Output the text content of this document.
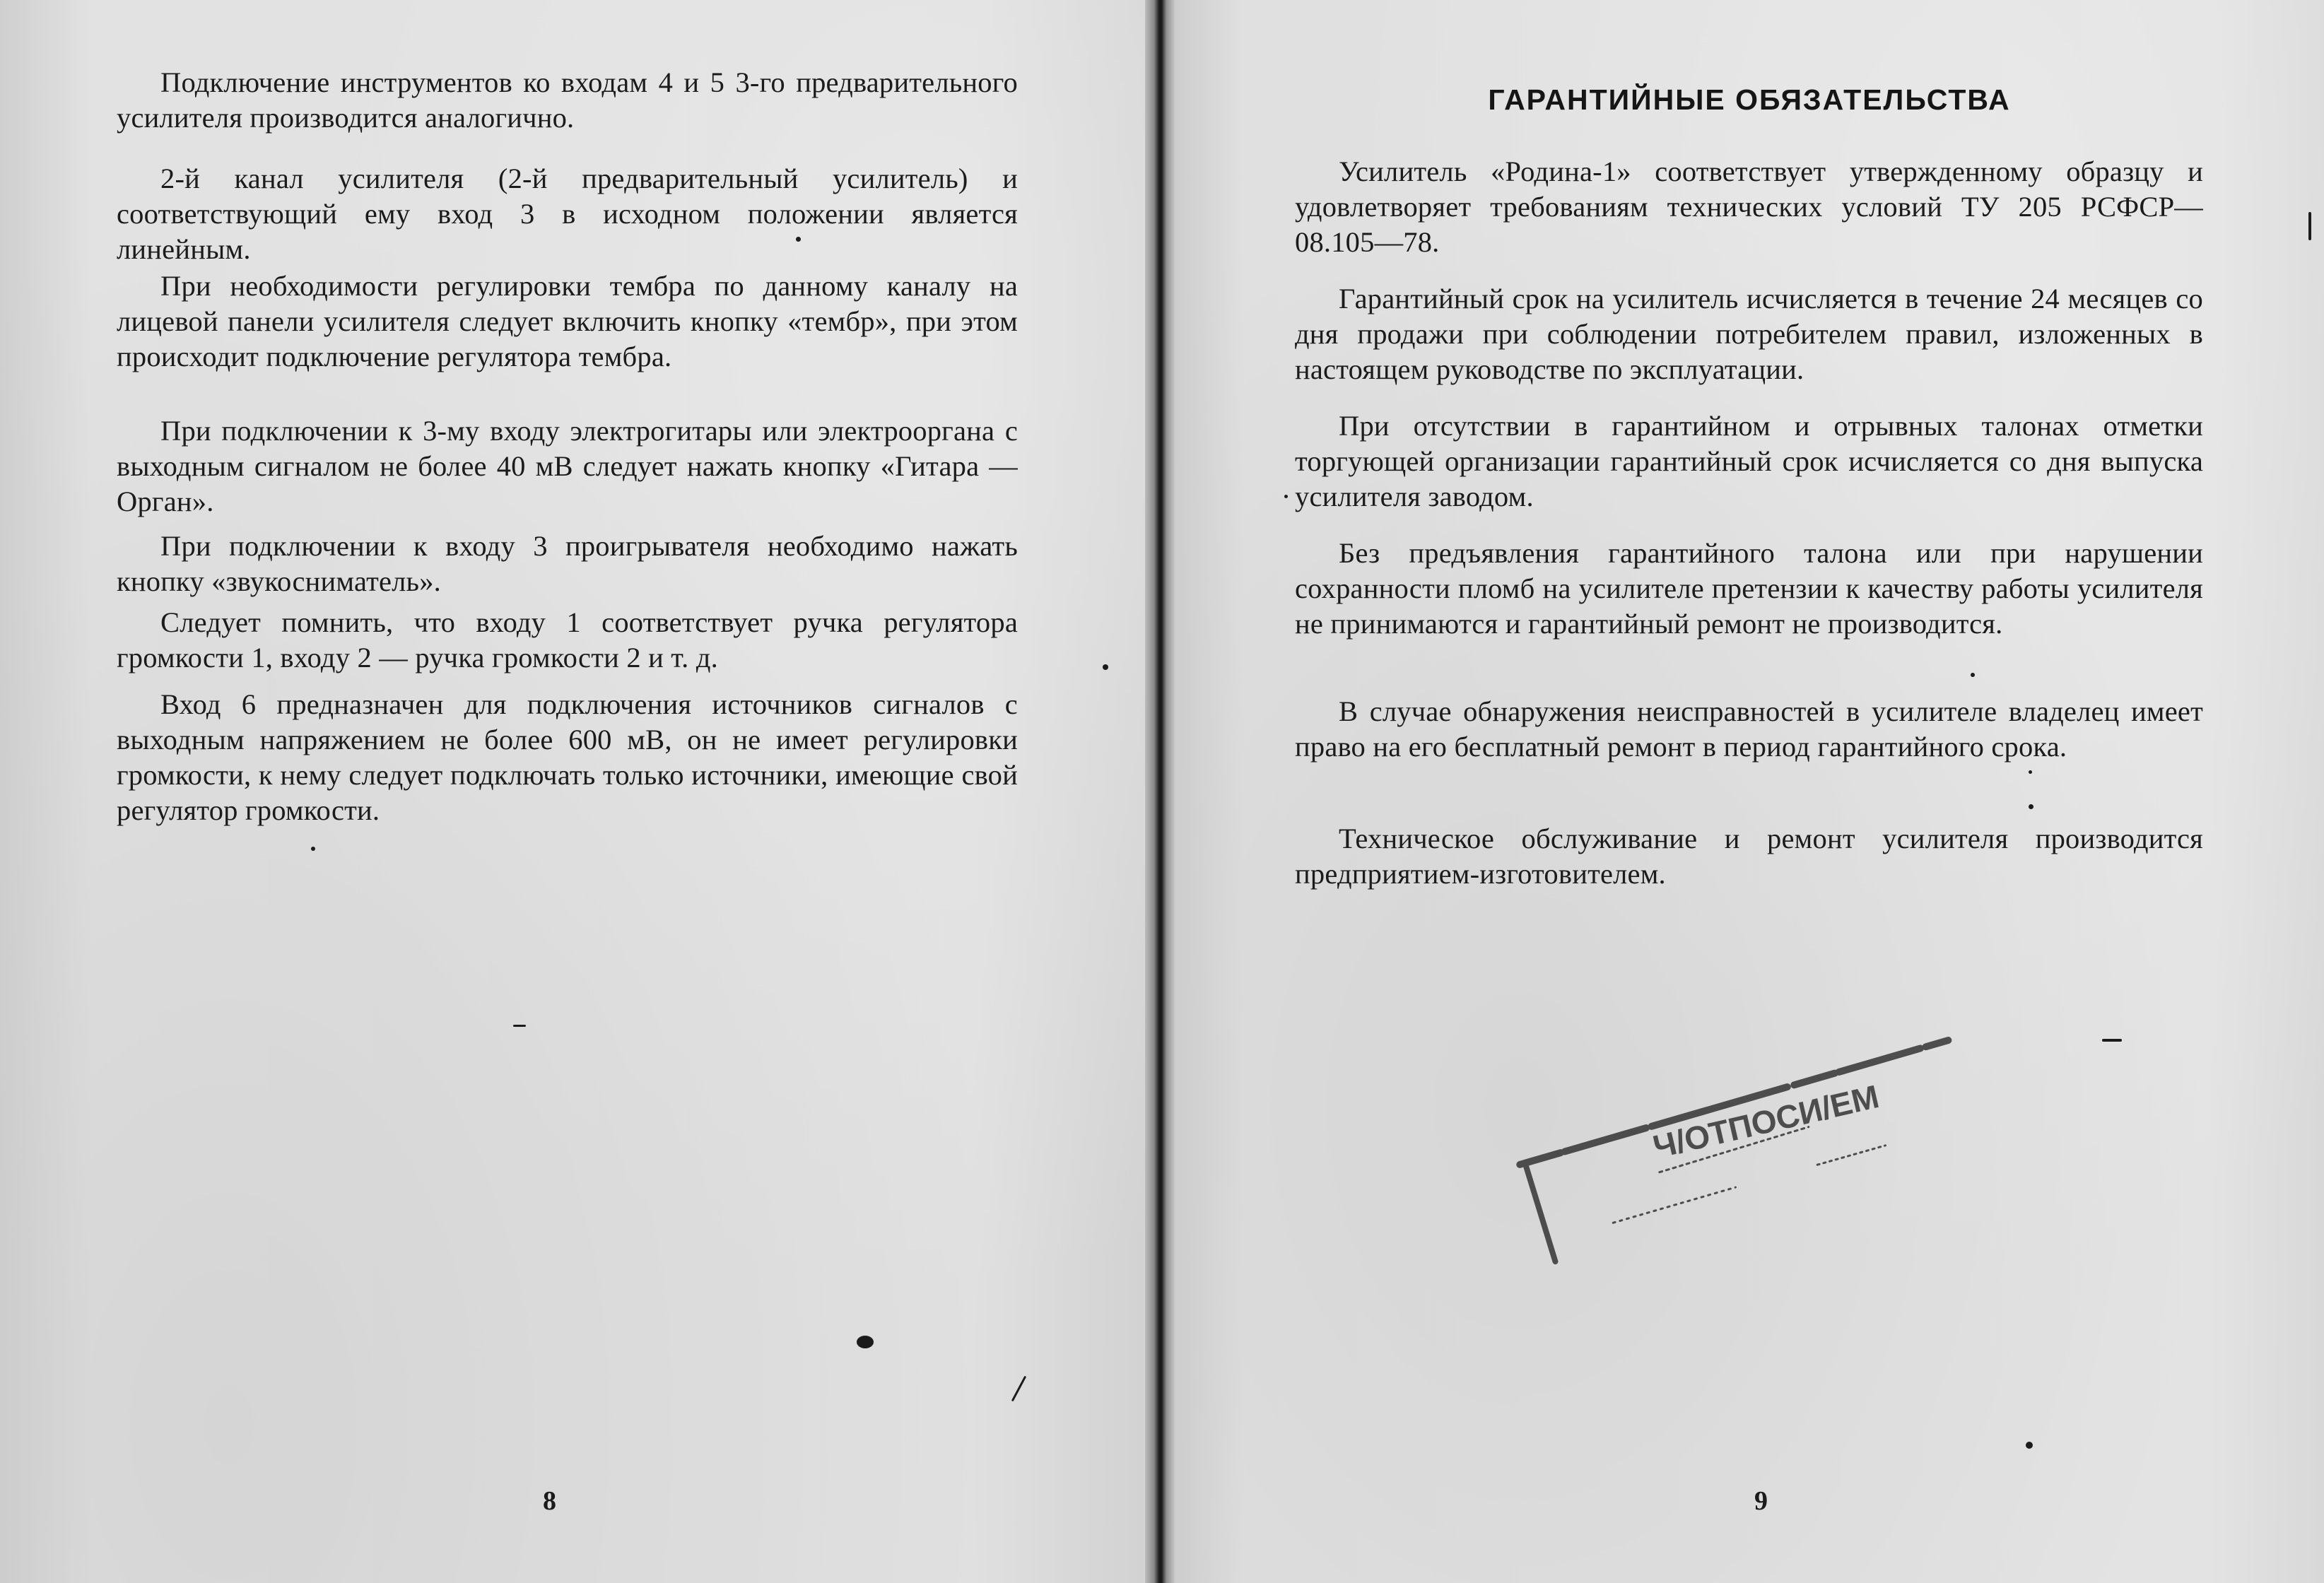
Подключение инструментов ко входам 4 и 5 3-го предварительного усилителя производится аналогично.

2-й канал усилителя (2-й предварительный усилитель) и соответствующий ему вход 3 в исходном положении является линейным.

При необходимости регулировки тембра по данному каналу на лицевой панели усилителя следует включить кнопку «тембр», при этом происходит подключение регулятора тембра.

При подключении к 3-му входу электрогитары или электрооргана с выходным сигналом не более 40 мВ следует нажать кнопку «Гитара — Орган».

При подключении к входу 3 проигрывателя необходимо нажать кнопку «звукосниматель».

Следует помнить, что входу 1 соответствует ручка регулятора громкости 1, входу 2 — ручка громкости 2 и т. д.

Вход 6 предназначен для подключения источников сигналов с выходным напряжением не более 600 мВ, он не имеет регулировки громкости, к нему следует подключать только источники, имеющие свой регулятор громкости.

8
ГАРАНТИЙНЫЕ ОБЯЗАТЕЛЬСТВА

Усилитель «Родина-1» соответствует утвержденному образцу и удовлетворяет требованиям технических условий ТУ 205 РСФСР—08.105—78.

Гарантийный срок на усилитель исчисляется в течение 24 месяцев со дня продажи при соблюдении потребителем правил, изложенных в настоящем руководстве по эксплуатации.

При отсутствии в гарантийном и отрывных талонах отметки торгующей организации гарантийный срок исчисляется со дня выпуска усилителя заводом.

Без предъявления гарантийного талона или при нарушении сохранности пломб на усилителе претензии к качеству работы усилителя не принимаются и гарантийный ремонт не производится.

В случае обнаружения неисправностей в усилителе владелец имеет право на его бесплатный ремонт в период гарантийного срока.

Техническое обслуживание и ремонт усилителя производится предприятием-изготовителем.

9
Ч/ОТПОСИ/ЕМ
